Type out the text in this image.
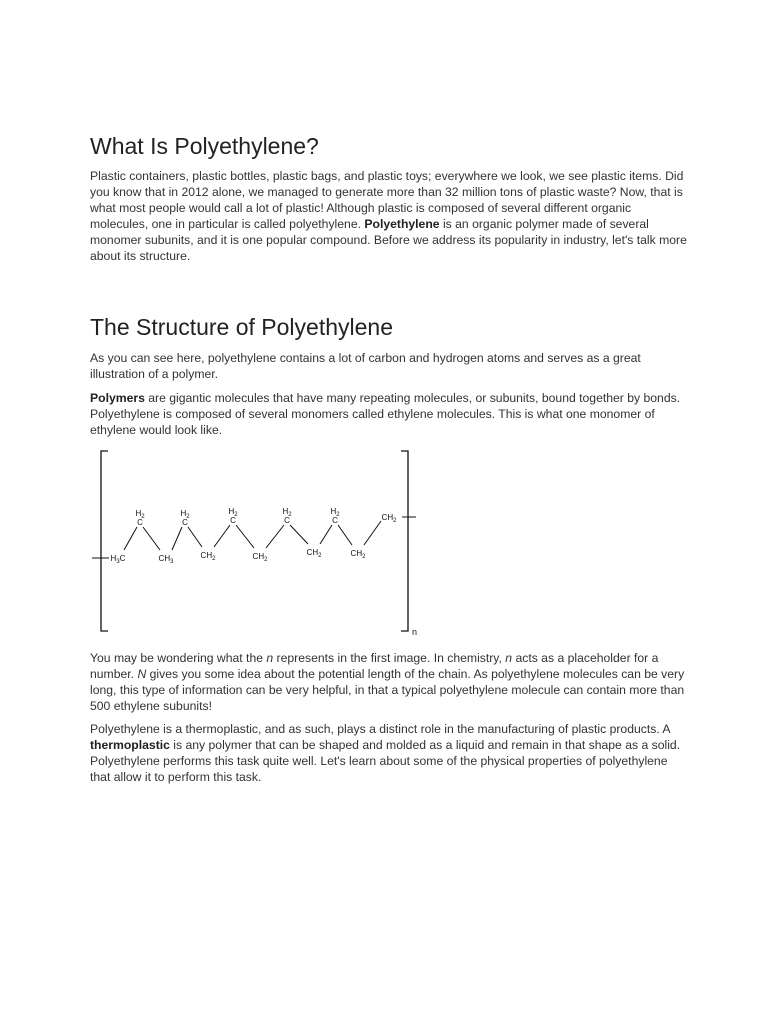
What Is Polyethylene?

Plastic containers, plastic bottles, plastic bags, and plastic toys; everywhere we look, we see plastic items. Did you know that in 2012 alone, we managed to generate more than 32 million tons of plastic waste? Now, that is what most people would call a lot of plastic! Although plastic is composed of several different organic molecules, one in particular is called polyethylene. Polyethylene is an organic polymer made of several monomer subunits, and it is one popular compound. Before we address its popularity in industry, let's talk more about its structure.

The Structure of Polyethylene

As you can see here, polyethylene contains a lot of carbon and hydrogen atoms and serves as a great illustration of a polymer.

Polymers are gigantic molecules that have many repeating molecules, or subunits, bound together by bonds. Polyethylene is composed of several monomers called ethylene molecules. This is what one monomer of ethylene would look like.

You may be wondering what the n represents in the first image. In chemistry, n acts as a placeholder for a number. N gives you some idea about the potential length of the chain. As polyethylene molecules can be very long, this type of information can be very helpful, in that a typical polyethylene molecule can contain more than 500 ethylene subunits!

Polyethylene is a thermoplastic, and as such, plays a distinct role in the manufacturing of plastic products. A thermoplastic is any polymer that can be shaped and molded as a liquid and remain in that shape as a solid. Polyethylene performs this task quite well. Let's learn about some of the physical properties of polyethylene that allow it to perform this task.

n
$H_2$
C
$H_2$
C
$H_2$
C
$H_2$
C
$H_2$
C
$H_3C$	$CH_3$
$CH_2$	$CH_2$
$CH_2$	$CH_2$
$CH_2$
